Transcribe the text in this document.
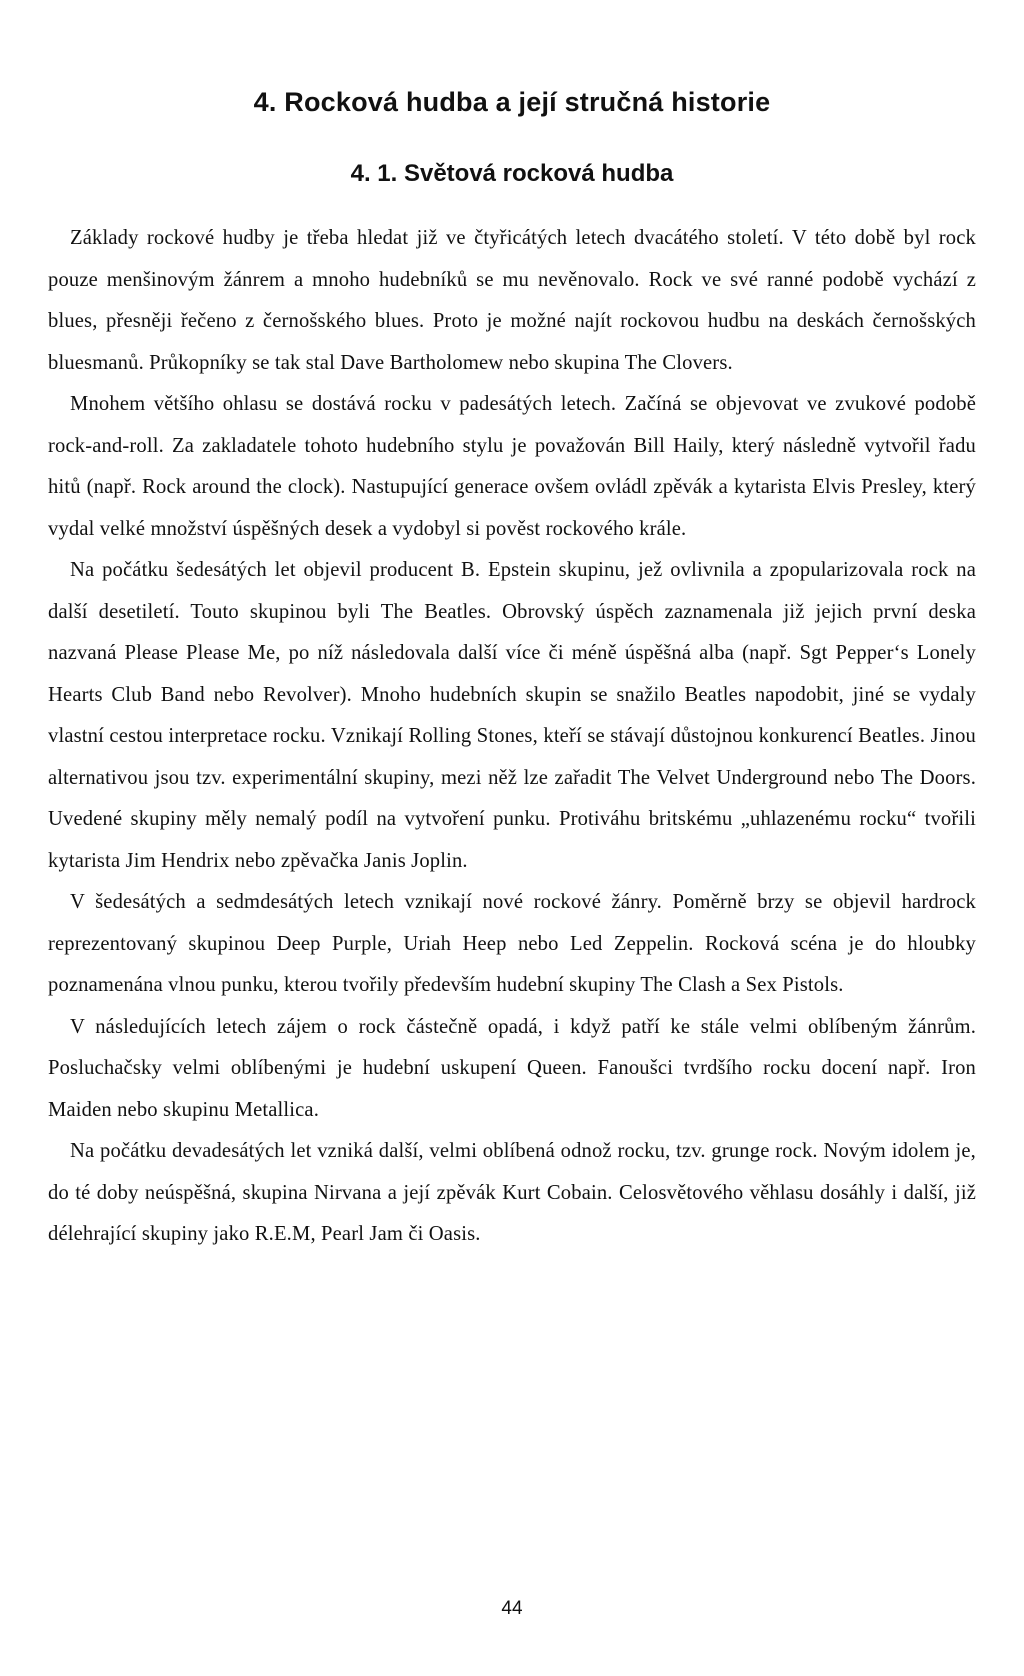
4. Rocková hudba a její stručná historie
4. 1. Světová rocková hudba

Základy rockové hudby je třeba hledat již ve čtyřicátých letech dvacátého století. V této době byl rock pouze menšinovým žánrem a mnoho hudebníků se mu nevěnovalo. Rock ve své ranné podobě vychází z blues, přesněji řečeno z černošského blues. Proto je možné najít rockovou hudbu na deskách černošských bluesmanů. Průkopníky se tak stal Dave Bartholomew nebo skupina The Clovers.

Mnohem většího ohlasu se dostává rocku v padesátých letech. Začíná se objevovat ve zvukové podobě rock-and-roll. Za zakladatele tohoto hudebního stylu je považován Bill Haily, který následně vytvořil řadu hitů (např. Rock around the clock). Nastupující generace ovšem ovládl zpěvák a kytarista Elvis Presley, který vydal velké množství úspěšných desek a vydobyl si pověst rockového krále.

Na počátku šedesátých let objevil producent B. Epstein skupinu, jež ovlivnila a zpopularizovala rock na další desetiletí. Touto skupinou byli The Beatles. Obrovský úspěch zaznamenala již jejich první deska nazvaná Please Please Me, po níž následovala další více či méně úspěšná alba (např. Sgt Pepper‘s Lonely Hearts Club Band nebo Revolver). Mnoho hudebních skupin se snažilo Beatles napodobit, jiné se vydaly vlastní cestou interpretace rocku. Vznikají Rolling Stones, kteří se stávají důstojnou konkurencí Beatles. Jinou alternativou jsou tzv. experimentální skupiny, mezi něž lze zařadit The Velvet Underground nebo The Doors. Uvedené skupiny měly nemalý podíl na vytvoření punku. Protiváhu britskému „uhlazenému rocku“ tvořili kytarista Jim Hendrix nebo zpěvačka Janis Joplin.

V šedesátých a sedmdesátých letech vznikají nové rockové žánry. Poměrně brzy se objevil hardrock reprezentovaný skupinou Deep Purple, Uriah Heep nebo Led Zeppelin. Rocková scéna je do hloubky poznamenána vlnou punku, kterou tvořily především hudební skupiny The Clash a Sex Pistols.

V následujících letech zájem o rock částečně opadá, i když patří ke stále velmi oblíbeným žánrům. Posluchačsky velmi oblíbenými je hudební uskupení Queen. Fanoušci tvrdšího rocku docení např. Iron Maiden nebo skupinu Metallica.

Na počátku devadesátých let vzniká další, velmi oblíbená odnož rocku, tzv. grunge rock. Novým idolem je, do té doby neúspěšná, skupina Nirvana a její zpěvák Kurt Cobain. Celosvětového věhlasu dosáhly i další, již délehrající skupiny jako R.E.M, Pearl Jam či Oasis.

44
